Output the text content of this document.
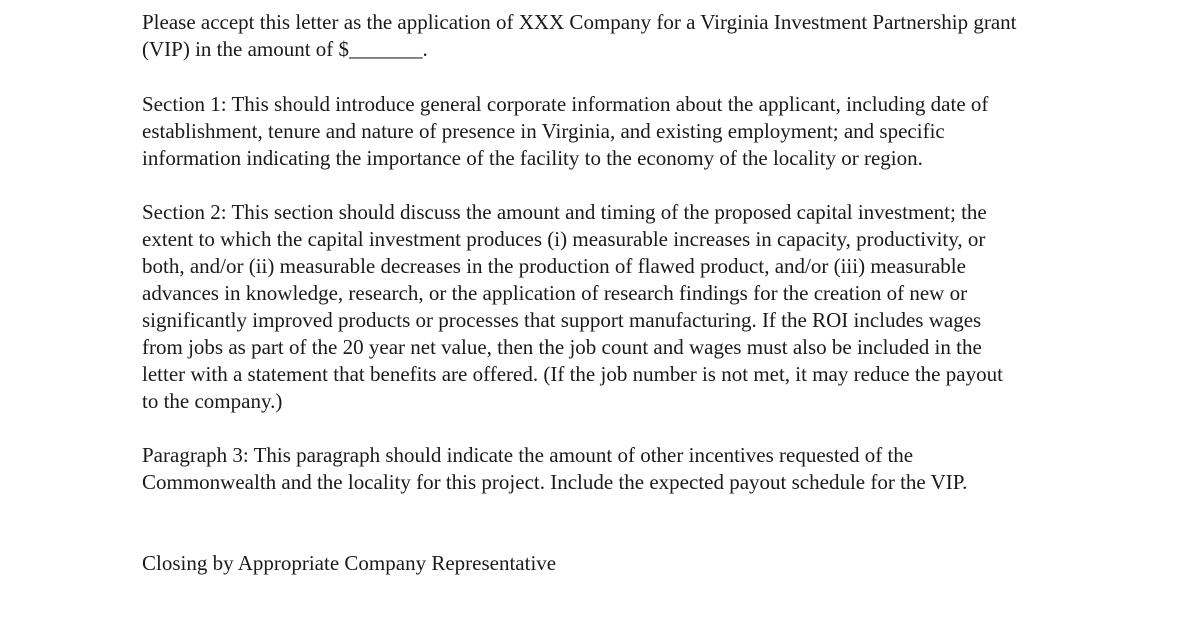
Please accept this letter as the application of XXX Company for a Virginia Investment Partnership grant
(VIP) in the amount of $_______.

Section 1: This should introduce general corporate information about the applicant, including date of
establishment, tenure and nature of presence in Virginia, and existing employment; and specific
information indicating the importance of the facility to the economy of the locality or region.

Section 2: This section should discuss the amount and timing of the proposed capital investment; the
extent to which the capital investment produces (i) measurable increases in capacity, productivity, or
both, and/or (ii) measurable decreases in the production of flawed product, and/or (iii) measurable
advances in knowledge, research, or the application of research findings for the creation of new or
significantly improved products or processes that support manufacturing. If the ROI includes wages
from jobs as part of the 20 year net value, then the job count and wages must also be included in the
letter with a statement that benefits are offered. (If the job number is not met, it may reduce the payout
to the company.)

Paragraph 3: This paragraph should indicate the amount of other incentives requested of the
Commonwealth and the locality for this project. Include the expected payout schedule for the VIP.

Closing by Appropriate Company Representative
